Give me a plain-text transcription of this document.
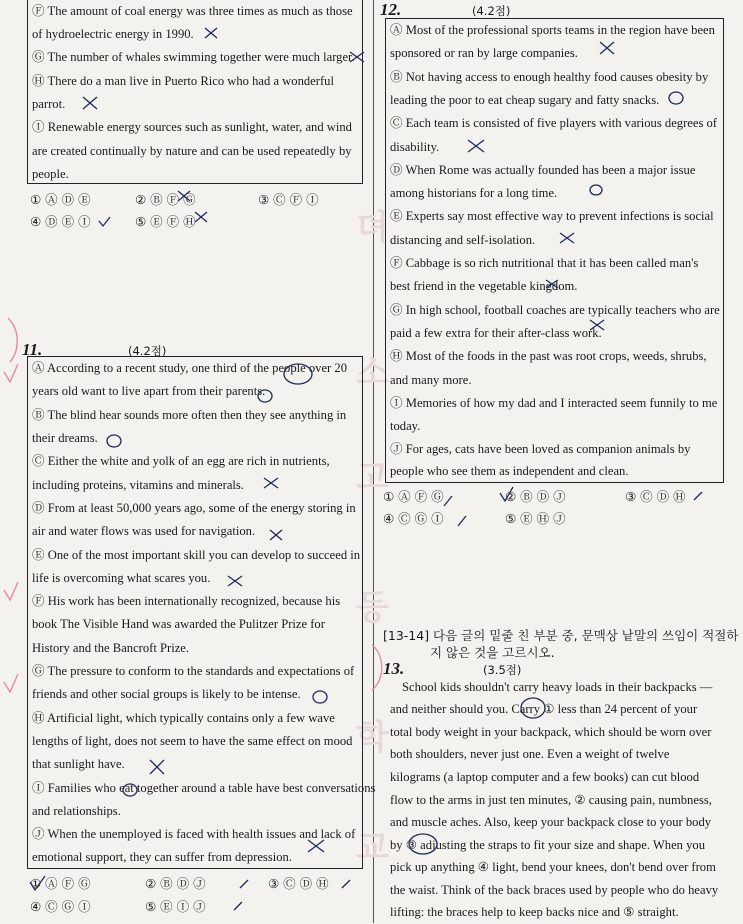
뎌
소
고
등
학
교
Ⓕ The amount of coal energy was three times as much as those
of hydroelectric energy in 1990.
Ⓖ The number of whales swimming together were much larger.
Ⓗ There do a man live in Puerto Rico who had a wonderful
parrot.
Ⓘ Renewable energy sources such as sunlight, water, and wind
are created continually by nature and can be used repeatedly by
people.
① Ⓐ Ⓓ Ⓔ	② Ⓑ Ⓕ Ⓖ	③ Ⓒ Ⓕ Ⓘ
④ Ⓓ Ⓔ Ⓘ	⑤ Ⓔ Ⓕ Ⓗ
11.	(4.2점)
Ⓐ According to a recent study, one third of the people over 20
years old want to live apart from their parents.
Ⓑ The blind hear sounds more often then they see anything in
their dreams.
Ⓒ Either the white and yolk of an egg are rich in nutrients,
including proteins, vitamins and minerals.
Ⓓ From at least 50,000 years ago, some of the energy storing in
air and water flows was used for navigation.
Ⓔ One of the most important skill you can develop to succeed in
life is overcoming what scares you.
Ⓕ His work has been internationally recognized, because his
book The Visible Hand was awarded the Pulitzer Prize for
History and the Bancroft Prize.
Ⓖ The pressure to conform to the standards and expectations of
friends and other social groups is likely to be intense.
Ⓗ Artificial light, which typically contains only a few wave
lengths of light, does not seem to have the same effect on mood
that sunlight have.
Ⓘ Families who eat together around a table have best conversations
and relationships.
Ⓙ When the unemployed is faced with health issues and lack of
emotional support, they can suffer from depression.
① Ⓐ Ⓕ Ⓖ	② Ⓑ Ⓓ Ⓙ	③ Ⓒ Ⓓ Ⓗ
④ Ⓒ Ⓖ Ⓘ	⑤ Ⓔ Ⓘ Ⓙ
12.	(4.2점)
Ⓐ Most of the professional sports teams in the region have been
sponsored or ran by large companies.
Ⓑ Not having access to enough healthy food causes obesity by
leading the poor to eat cheap sugary and fatty snacks.
Ⓒ Each team is consisted of five players with various degrees of
disability.
Ⓓ When Rome was actually founded has been a major issue
among historians for a long time.
Ⓔ Experts say most effective way to prevent infections is social
distancing and self-isolation.
Ⓕ Cabbage is so rich nutritional that it has been called man's
best friend in the vegetable kingdom.
Ⓖ In high school, football coaches are typically teachers who are
paid a few extra for their after-class work.
Ⓗ Most of the foods in the past was root crops, weeds, shrubs,
and many more.
Ⓘ Memories of how my dad and I interacted seem funnily to me
today.
Ⓙ For ages, cats have been loved as companion animals by
people who see them as independent and clean.
① Ⓐ Ⓕ Ⓖ	② Ⓑ Ⓓ Ⓙ	③ Ⓒ Ⓓ Ⓗ
④ Ⓒ Ⓖ Ⓘ	⑤ Ⓔ Ⓗ Ⓙ
[13-14] 다음 글의 밑줄 친 부분 중, 문맥상 낱말의 쓰임이 적절하
지 않은 것을 고르시오.
13.	(3.5점)
School kids shouldn't carry heavy loads in their backpacks —
and neither should you. Carry ① less than 24 percent of your
total body weight in your backpack, which should be worn over
both shoulders, never just one. Even a weight of twelve
kilograms (a laptop computer and a few books) can cut blood
flow to the arms in just ten minutes, ② causing pain, numbness,
and muscle aches. Also, keep your backpack close to your body
by ③ adjusting the straps to fit your size and shape. When you
pick up anything ④ light, bend your knees, don't bend over from
the waist. Think of the back braces used by people who do heavy
lifting: the braces help to keep backs nice and ⑤ straight.
